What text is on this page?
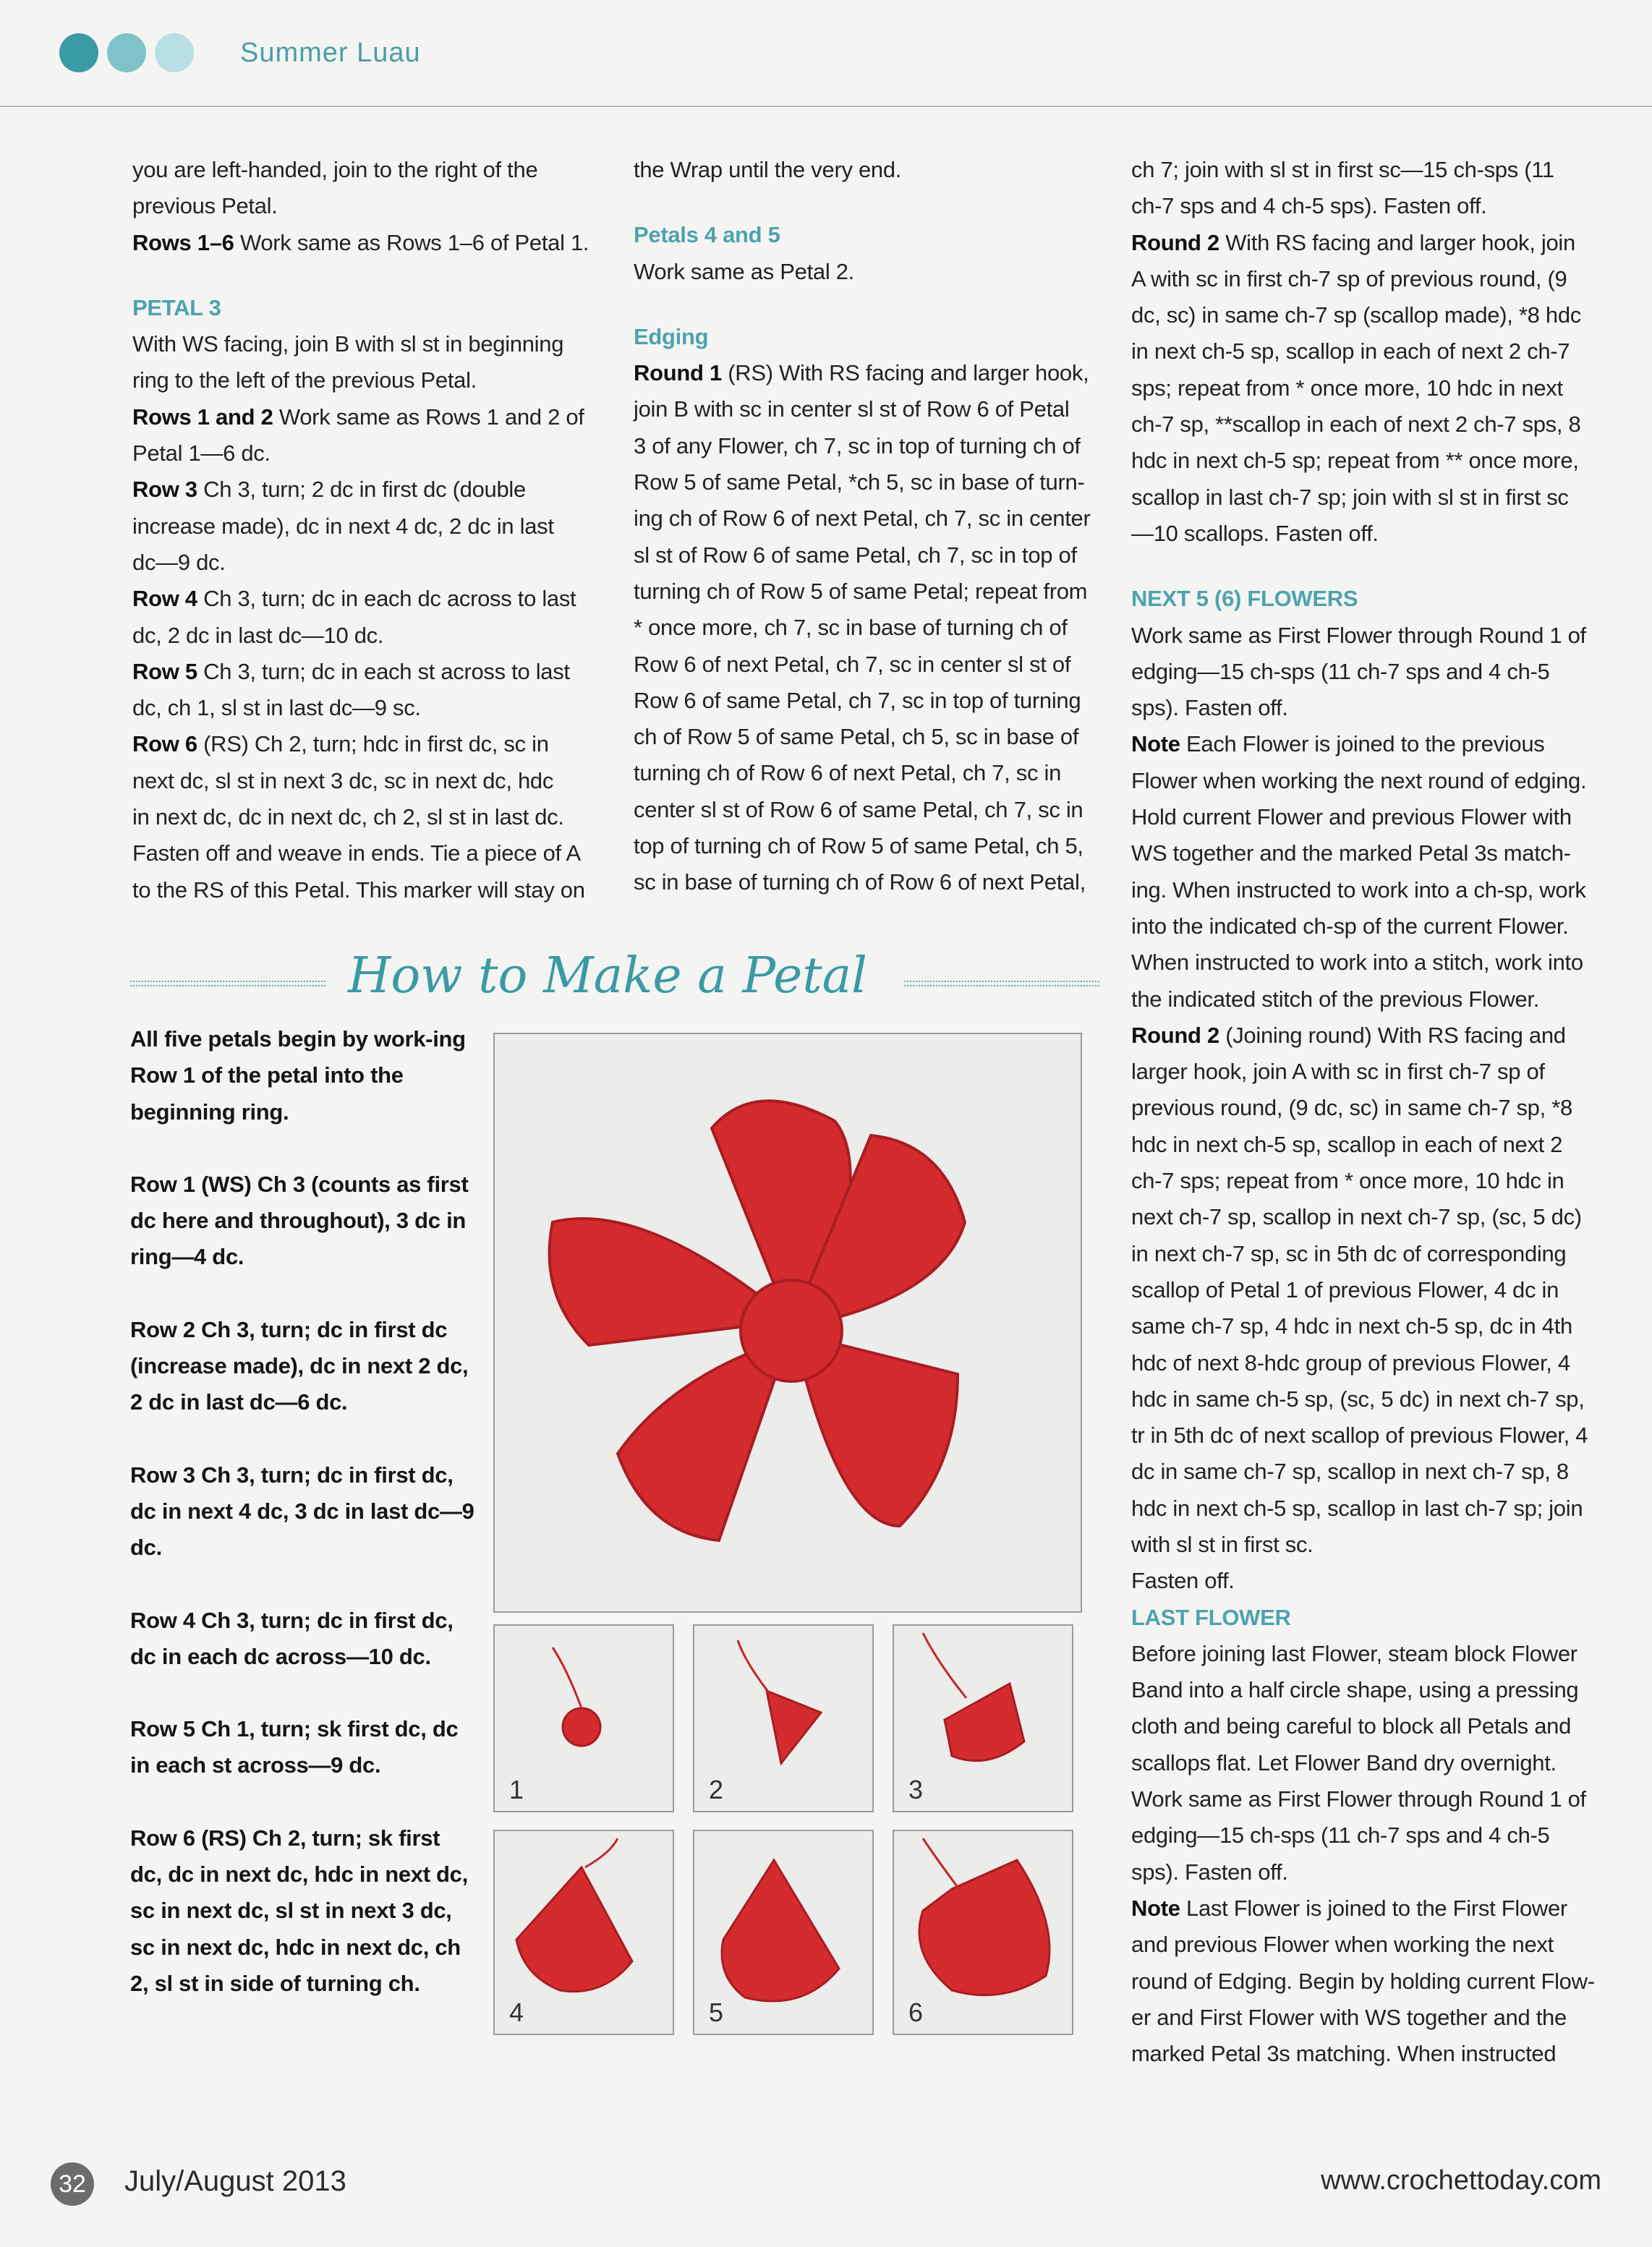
Summer Luau

you are left-handed, join to the right of the

previous Petal.

Rows 1–6 Work same as Rows 1–6 of Petal 1.

PETAL 3

With WS facing, join B with sl st in beginning

ring to the left of the previous Petal.

Rows 1 and 2 Work same as Rows 1 and 2 of

Petal 1—6 dc.

Row 3 Ch 3, turn; 2 dc in first dc (double

increase made), dc in next 4 dc, 2 dc in last

dc—9 dc.

Row 4 Ch 3, turn; dc in each dc across to last

dc, 2 dc in last dc—10 dc.

Row 5 Ch 3, turn; dc in each st across to last

dc, ch 1, sl st in last dc—9 sc.

Row 6 (RS) Ch 2, turn; hdc in first dc, sc in

next dc, sl st in next 3 dc, sc in next dc, hdc

in next dc, dc in next dc, ch 2, sl st in last dc.

Fasten off and weave in ends. Tie a piece of A

to the RS of this Petal. This marker will stay on

the Wrap until the very end.

Petals 4 and 5

Work same as Petal 2.

Edging

Round 1 (RS) With RS facing and larger hook,

join B with sc in center sl st of Row 6 of Petal

3 of any Flower, ch 7, sc in top of turning ch of

Row 5 of same Petal, *ch 5, sc in base of turn-

ing ch of Row 6 of next Petal, ch 7, sc in center

sl st of Row 6 of same Petal, ch 7, sc in top of

turning ch of Row 5 of same Petal; repeat from

* once more, ch 7, sc in base of turning ch of

Row 6 of next Petal, ch 7, sc in center sl st of

Row 6 of same Petal, ch 7, sc in top of turning

ch of Row 5 of same Petal, ch 5, sc in base of

turning ch of Row 6 of next Petal, ch 7, sc in

center sl st of Row 6 of same Petal, ch 7, sc in

top of turning ch of Row 5 of same Petal, ch 5,

sc in base of turning ch of Row 6 of next Petal,

ch 7; join with sl st in first sc—15 ch-sps (11

ch-7 sps and 4 ch-5 sps). Fasten off.

Round 2 With RS facing and larger hook, join

A with sc in first ch-7 sp of previous round, (9

dc, sc) in same ch-7 sp (scallop made), *8 hdc

in next ch-5 sp, scallop in each of next 2 ch-7

sps; repeat from * once more, 10 hdc in next

ch-7 sp, **scallop in each of next 2 ch-7 sps, 8

hdc in next ch-5 sp; repeat from ** once more,

scallop in last ch-7 sp; join with sl st in first sc

—10 scallops. Fasten off.

NEXT 5 (6) FLOWERS

Work same as First Flower through Round 1 of

edging—15 ch-sps (11 ch-7 sps and 4 ch-5

sps). Fasten off.

Note Each Flower is joined to the previous

Flower when working the next round of edging.

Hold current Flower and previous Flower with

WS together and the marked Petal 3s match-

ing. When instructed to work into a ch-sp, work

into the indicated ch-sp of the current Flower.

When instructed to work into a stitch, work into

the indicated stitch of the previous Flower.

Round 2 (Joining round) With RS facing and

larger hook, join A with sc in first ch-7 sp of

previous round, (9 dc, sc) in same ch-7 sp, *8

hdc in next ch-5 sp, scallop in each of next 2

ch-7 sps; repeat from * once more, 10 hdc in

next ch-7 sp, scallop in next ch-7 sp, (sc, 5 dc)

in next ch-7 sp, sc in 5th dc of corresponding

scallop of Petal 1 of previous Flower, 4 dc in

same ch-7 sp, 4 hdc in next ch-5 sp, dc in 4th

hdc of next 8-hdc group of previous Flower, 4

hdc in same ch-5 sp, (sc, 5 dc) in next ch-7 sp,

tr in 5th dc of next scallop of previous Flower, 4

dc in same ch-7 sp, scallop in next ch-7 sp, 8

hdc in next ch-5 sp, scallop in last ch-7 sp; join

with sl st in first sc.

Fasten off.

LAST FLOWER

Before joining last Flower, steam block Flower

Band into a half circle shape, using a pressing

cloth and being careful to block all Petals and

scallops flat. Let Flower Band dry overnight.

Work same as First Flower through Round 1 of

edging—15 ch-sps (11 ch-7 sps and 4 ch-5

sps). Fasten off.

Note Last Flower is joined to the First Flower

and previous Flower when working the next

round of Edging. Begin by holding current Flow-

er and First Flower with WS together and the

marked Petal 3s matching. When instructed

How to Make a Petal

All five petals begin by work-ing Row 1 of the petal into the beginning ring.

Row 1 (WS) Ch 3 (counts as first dc here and throughout), 3 dc in ring—4 dc.

Row 2 Ch 3, turn; dc in first dc (increase made), dc in next 2 dc, 2 dc in last dc—6 dc.

Row 3 Ch 3, turn; dc in first dc, dc in next 4 dc, 3 dc in last dc—9 dc.

Row 4 Ch 3, turn; dc in first dc, dc in each dc across—10 dc.

Row 5 Ch 1, turn; sk first dc, dc in each st across—9 dc.

Row 6 (RS) Ch 2, turn; sk first dc, dc in next dc, hdc in next dc, sc in next dc, sl st in next 3 dc, sc in next dc, hdc in next dc, ch 2, sl st in side of turning ch.

1	2	3
4	5	6
32 July/August 2013	www.crochettoday.com
